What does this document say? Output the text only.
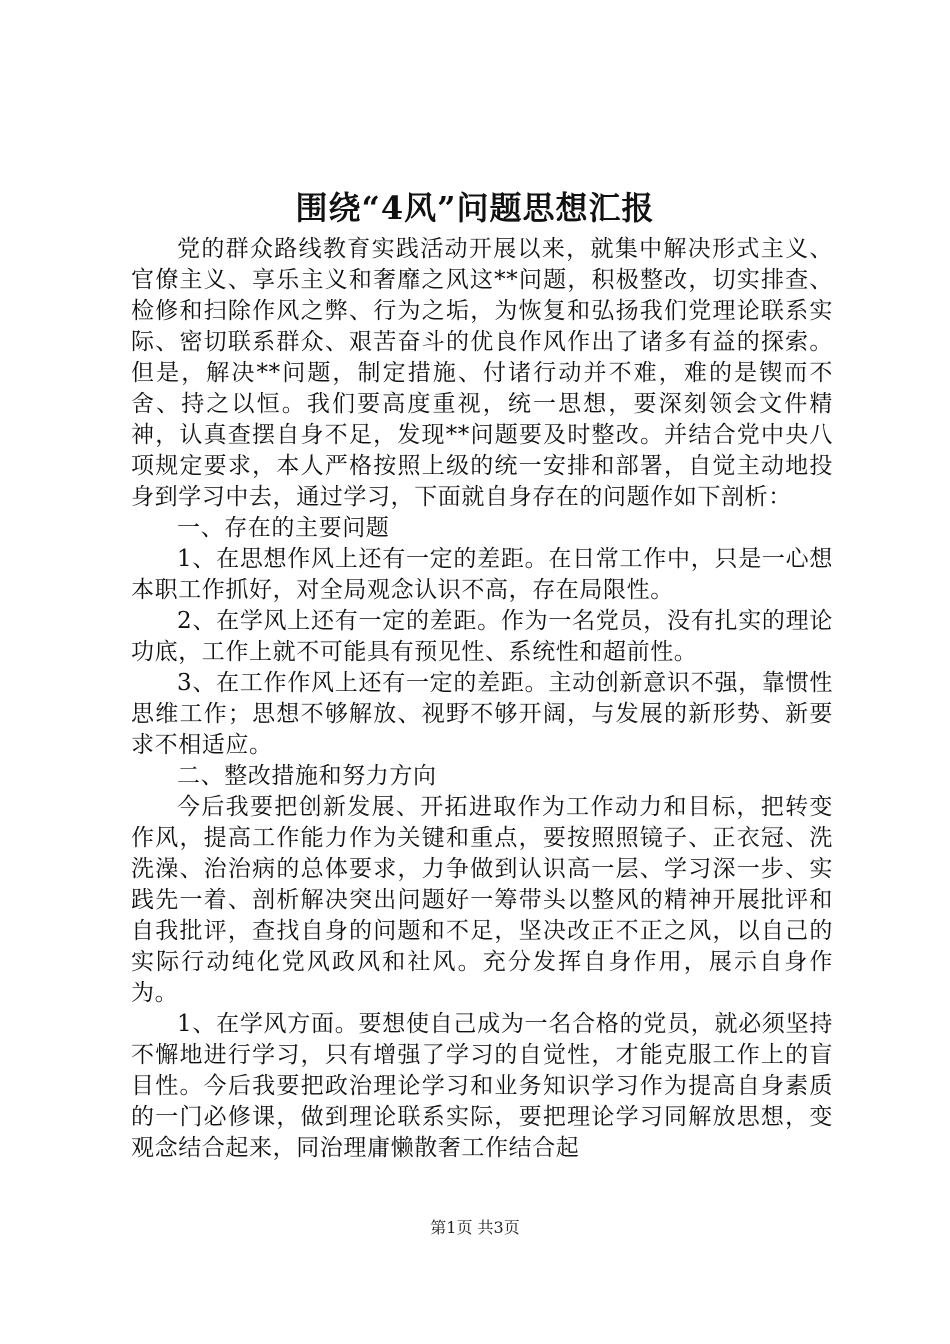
围绕“4风”问题思想汇报

党的群众路线教育实践活动开展以来，就集中解决形式主义、官僚主义、享乐主义和奢靡之风这**问题，积极整改，切实排查、检修和扫除作风之弊、行为之垢，为恢复和弘扬我们党理论联系实际、密切联系群众、艰苦奋斗的优良作风作出了诸多有益的探索。但是，解决**问题，制定措施、付诸行动并不难，难的是锲而不舍、持之以恒。我们要高度重视，统一思想，要深刻领会文件精神，认真查摆自身不足，发现**问题要及时整改。并结合党中央八项规定要求，本人严格按照上级的统一安排和部署，自觉主动地投身到学习中去，通过学习，下面就自身存在的问题作如下剖析：

一、存在的主要问题

1、在思想作风上还有一定的差距。在日常工作中，只是一心想本职工作抓好，对全局观念认识不高，存在局限性。

2、在学风上还有一定的差距。作为一名党员，没有扎实的理论功底，工作上就不可能具有预见性、系统性和超前性。

3、在工作作风上还有一定的差距。主动创新意识不强，靠惯性思维工作；思想不够解放、视野不够开阔，与发展的新形势、新要求不相适应。

二、整改措施和努力方向

今后我要把创新发展、开拓进取作为工作动力和目标，把转变作风，提高工作能力作为关键和重点，要按照照镜子、正衣冠、洗洗澡、治治病的总体要求，力争做到认识高一层、学习深一步、实践先一着、剖析解决突出问题好一筹带头以整风的精神开展批评和自我批评，查找自身的问题和不足，坚决改正不正之风，以自己的实际行动纯化党风政风和社风。充分发挥自身作用，展示自身作为。

1、在学风方面。要想使自己成为一名合格的党员，就必须坚持不懈地进行学习，只有增强了学习的自觉性，才能克服工作上的盲目性。今后我要把政治理论学习和业务知识学习作为提高自身素质的一门必修课，做到理论联系实际，要把理论学习同解放思想，变观念结合起来，同治理庸懒散奢工作结合起

第1页 共3页
